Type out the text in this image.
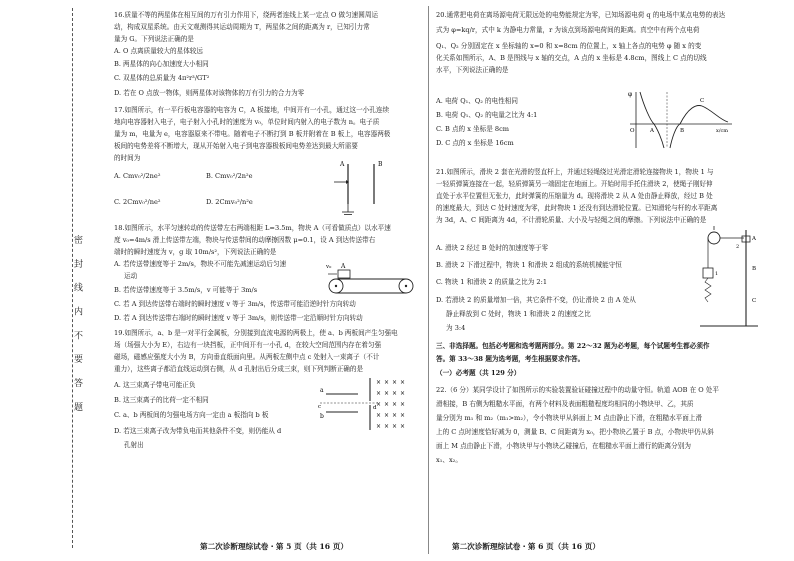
密 封 线 内 不 要 答 题
16.质量不等的两星体在相互间的万有引力作用下，绕两者连线上某一定点 O 做匀速圆周运
动，构成双星系统。由天文观测得其运动周期为 T，两星体之间的距离为 r，已知引力常
量为 G。下列说法正确的是
A. O 点离质量较大的星体较远
B. 两星体的向心加速度大小相同
C. 双星体的总质量为 4π²r³/GT²
D. 若在 O 点放一物体，则两星体对该物体的万有引力的合力为零
17.如图所示，有一平行板电容器的电容为 C，A 板接地，中间开有一小孔，通过这一小孔连续
地向电容器射入电子，电子射入小孔时的速度为 v₀，单位时间内射入的电子数为 n。电子质
量为 m，电量为 e，电容器原来不带电。随着电子不断打到 B 板并附着在 B 板上，电容器两极
板间的电势差将不断增大，现从开始射入电子到电容器极板间电势差达到最大所需要
的时间为
A. Cmv₀²/2ne²	B. Cmv₀²/2n²e
C. 2Cmv₀²/ne²	D. 2Cmv₀²/n²e
18.如图所示，水平匀速转动的传送带左右两端相距 L=3.5m，物块 A（可看做质点）以水平速
度 v₀=4m/s 滑上传送带左端，物块与传送带间的动摩擦因数 μ=0.1，设 A 到达传送带右
端时的瞬时速度为 v，g 取 10m/s²，下列说法正确的是
A. 若传送带速度等于 2m/s，物块不可能先减速运动后匀速
运动
B. 若传送带速度等于 3.5m/s，v 可能等于 3m/s
C. 若 A 到达传送带右端时的瞬时速度 v 等于 3m/s，传送带可能沿逆时针方向转动
D. 若 A 到达传送带右端时的瞬时速度 v 等于 3m/s，则传送带一定沿顺时针方向转动
19.如图所示，a、b 是一对平行金属板，分别接到直流电源的两极上，使 a、b 两板间产生匀强电
场（场强大小为 E），右边有一块挡板，正中间开有一小孔 d，在较大空间范围内存在着匀强
磁场，磁感应强度大小为 B，方向垂直纸面向里。从两板左侧中点 c 处射入一束离子（不计
重力），这些离子都沿直线运动到右侧，从 d 孔射出后分成三束，则下列判断正确的是
A. 这三束离子带电可能正负
B. 这三束离子的比荷一定不相同
C. a、b 两板间的匀强电场方向一定由 a 板指向 b 板
D. 若这三束离子改为带负电而其他条件不变，则仍能从 d
孔射出
A	B
A
v₀
× × × ×
× × × ×
× × × ×
× × × ×
× × × ×
a
b
c	d
第二次诊断理综试卷・第 5 页（共 16 页）
20.通常把电荷在离场源电荷无限远处的电势能规定为零，已知场源电荷 q 的电场中某点电势的表达
式为 φ=kq/r，式中 k 为静电力常量，r 为该点到场源电荷间的距离。真空中有两个点电荷
Q₁、Q₂ 分别固定在 x 坐标轴的 x=0 和 x=8cm 的位置上，x 轴上各点的电势 φ 随 x 的变
化关系如图所示，A、B 是图线与 x 轴的交点，A 点的 x 坐标是 4.8cm，图线上 C 点的切线
水平，下列说法正确的是
A. 电荷 Q₁、Q₂ 的电性相同
B. 电荷 Q₁、Q₂ 的电量之比为 4:1
C. B 点的 x 坐标是 8cm
D. C 点的 x 坐标是 16cm
21.如图所示，滑块 2 套在光滑的竖直杆上，并通过轻绳绕过光滑定滑轮连接物块 1，物块 1 与
一轻质弹簧连接在一起，轻质弹簧另一端固定在地面上。开始时用手托住滑块 2，使绳子刚好伸
直处于水平位置但无张力，此时弹簧的压缩量为 d。现将滑块 2 从 A 处由静止释放，经过 B 处
的速度最大，到达 C 处时速度为零，此时物块 1 还没有到达滑轮位置。已知滑轮与杆的水平距离
为 3d，A、C 间距离为 4d，不计滑轮质量、大小及与轻绳之间的摩擦。下列说法中正确的是
A. 滑块 2 经过 B 处时的加速度等于零
B. 滑块 2 下滑过程中，物块 1 和滑块 2 组成的系统机械能守恒
C. 物块 1 和滑块 2 的质量之比为 2:1
D. 若滑块 2 的质量增加一倍，其它条件不变，仍让滑块 2 由 A 处从
静止释放到 C 处时，物块 1 和滑块 2 的速度之比
为 3:4
三、非选择题。包括必考题和选考题两部分。第 22～32 题为必考题，每个试题考生都必须作
答。第 33～38 题为选考题，考生根据要求作答。
（一）必考题（共 129 分）
22.（6 分）某同学设计了如图所示的实验装置验证碰撞过程中的动量守恒。轨道 AOB 在 O 处平
滑相接，B 右侧为粗糙水平面，有两个材料及表面粗糙程度均相同的小物块甲、乙，其质
量分别为 m₁ 和 m₂（m₁>m₂），令小物块甲从斜面上 M 点由静止下滑，在粗糙水平面上滑
上的 C 点时速度恰好减为 0，测量 B、C 间距离为 x₀，把小物块乙置于 B 点，小物块甲仍从斜
面上 M 点由静止下滑，小物块甲与小物块乙碰撞后，在粗糙水平面上滑行的距离分别为
x₁、x₂。
φ
O	A	B
C
x/cm
A
B
C
1
2
第二次诊断理综试卷・第 6 页（共 16 页）
